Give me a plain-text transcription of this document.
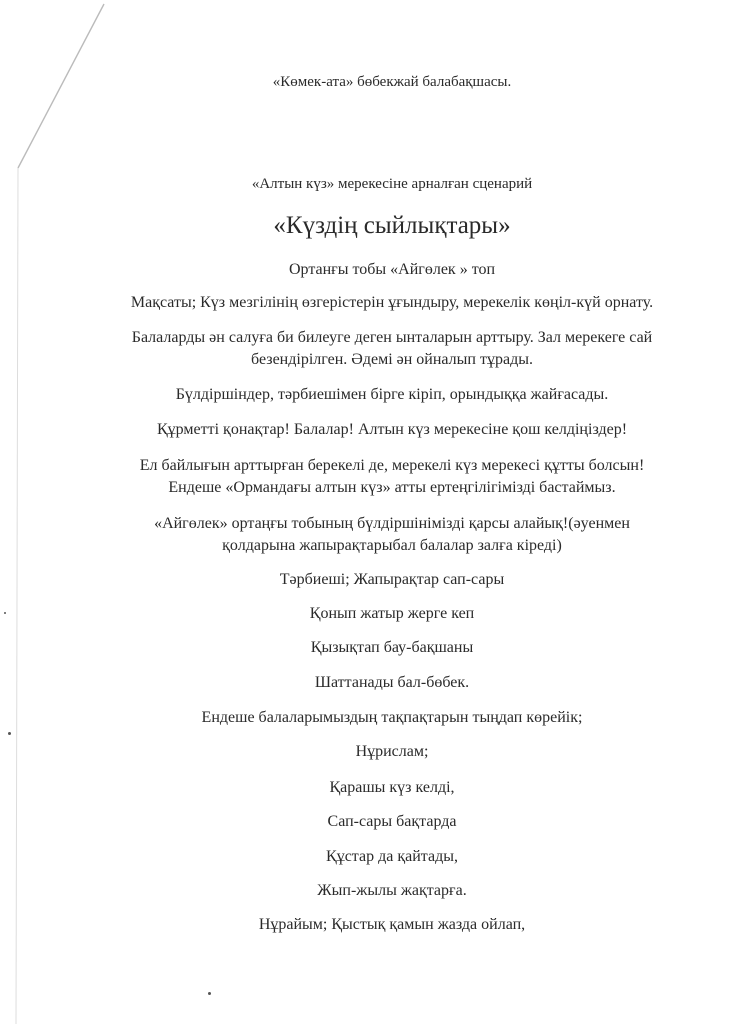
«Көмек-ата» бөбекжай балабақшасы.
«Алтын күз» мерекесіне арналған сценарий
«Күздің сыйлықтары»
Ортанғы тобы «Айгөлек » топ
Мақсаты; Күз мезгілінің өзгерістерін ұғындыру, мерекелік көңіл-күй орнату.
Балаларды ән салуға би билеуге деген ынталарын арттыру. Зал мерекеге сай
безендірілген. Әдемі ән ойналып тұрады.
Бүлдіршіндер, тәрбиешімен бірге кіріп, орындыққа жайғасады.
Құрметті қонақтар! Балалар! Алтын күз мерекесіне қош келдіңіздер!
Ел байлығын арттырған берекелі де, мерекелі күз мерекесі құтты болсын!
Ендеше «Ормандағы алтын күз» атты ертеңгілігімізді бастаймыз.
«Айгөлек» ортаңғы тобының бүлдіршінімізді қарсы алайық!(әуенмен
қолдарына жапырақтарыбал балалар залға кіреді)
Тәрбиеші; Жапырақтар сап-сары
Қонып жатыр жерге кеп
Қызықтап бау-бақшаны
Шаттанады бал-бөбек.
Ендеше балаларымыздың тақпақтарын тыңдап көрейік;
Нұрислам;
Қарашы күз келді,
Сап-сары бақтарда
Құстар да қайтады,
Жып-жылы жақтарға.
Нұрайым; Қыстық қамын жазда ойлап,
